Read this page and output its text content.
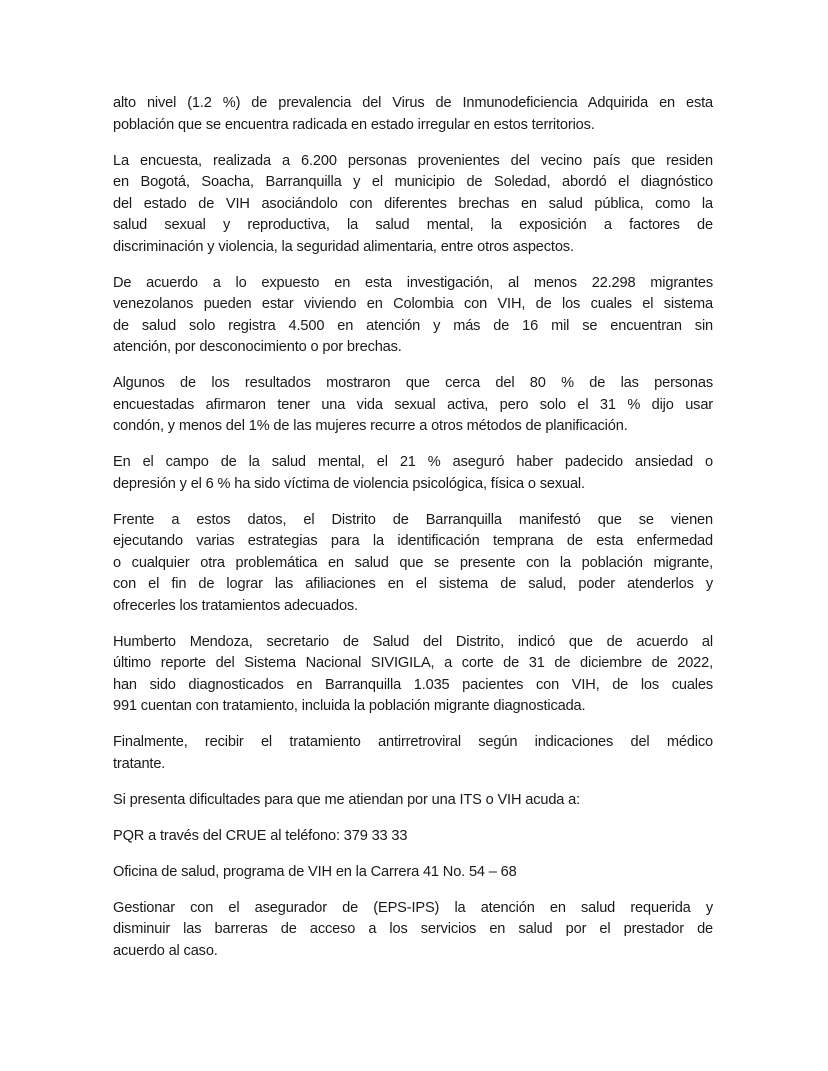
alto nivel (1.2 %) de prevalencia del Virus de Inmunodeficiencia Adquirida en esta
población que se encuentra radicada en estado irregular en estos territorios.

La encuesta, realizada a 6.200 personas provenientes del vecino país que residen
en Bogotá, Soacha, Barranquilla y el municipio de Soledad, abordó el diagnóstico
del estado de VIH asociándolo con diferentes brechas en salud pública, como la
salud sexual y reproductiva, la salud mental, la exposición a factores de
discriminación y violencia, la seguridad alimentaria, entre otros aspectos.

De acuerdo a lo expuesto en esta investigación, al menos 22.298 migrantes
venezolanos pueden estar viviendo en Colombia con VIH, de los cuales el sistema
de salud solo registra 4.500 en atención y más de 16 mil se encuentran sin
atención, por desconocimiento o por brechas.

Algunos de los resultados mostraron que cerca del 80 % de las personas
encuestadas afirmaron tener una vida sexual activa, pero solo el 31 % dijo usar
condón, y menos del 1% de las mujeres recurre a otros métodos de planificación.

En el campo de la salud mental, el 21 % aseguró haber padecido ansiedad o
depresión y el 6 % ha sido víctima de violencia psicológica, física o sexual.

Frente a estos datos, el Distrito de Barranquilla manifestó que se vienen
ejecutando varias estrategias para la identificación temprana de esta enfermedad
o cualquier otra problemática en salud que se presente con la población migrante,
con el fin de lograr las afiliaciones en el sistema de salud, poder atenderlos y
ofrecerles los tratamientos adecuados.

Humberto Mendoza, secretario de Salud del Distrito, indicó que de acuerdo al
último reporte del Sistema Nacional SIVIGILA, a corte de 31 de diciembre de 2022,
han sido diagnosticados en Barranquilla 1.035 pacientes con VIH, de los cuales
991 cuentan con tratamiento, incluida la población migrante diagnosticada.

Finalmente, recibir el tratamiento antirretroviral según indicaciones del médico
tratante.

Si presenta dificultades para que me atiendan por una ITS o VIH acuda a:

PQR a través del CRUE al teléfono: 379 33 33

Oficina de salud, programa de VIH en la Carrera 41 No. 54 – 68

Gestionar con el asegurador de (EPS-IPS) la atención en salud requerida y
disminuir las barreras de acceso a los servicios en salud por el prestador de
acuerdo al caso.
